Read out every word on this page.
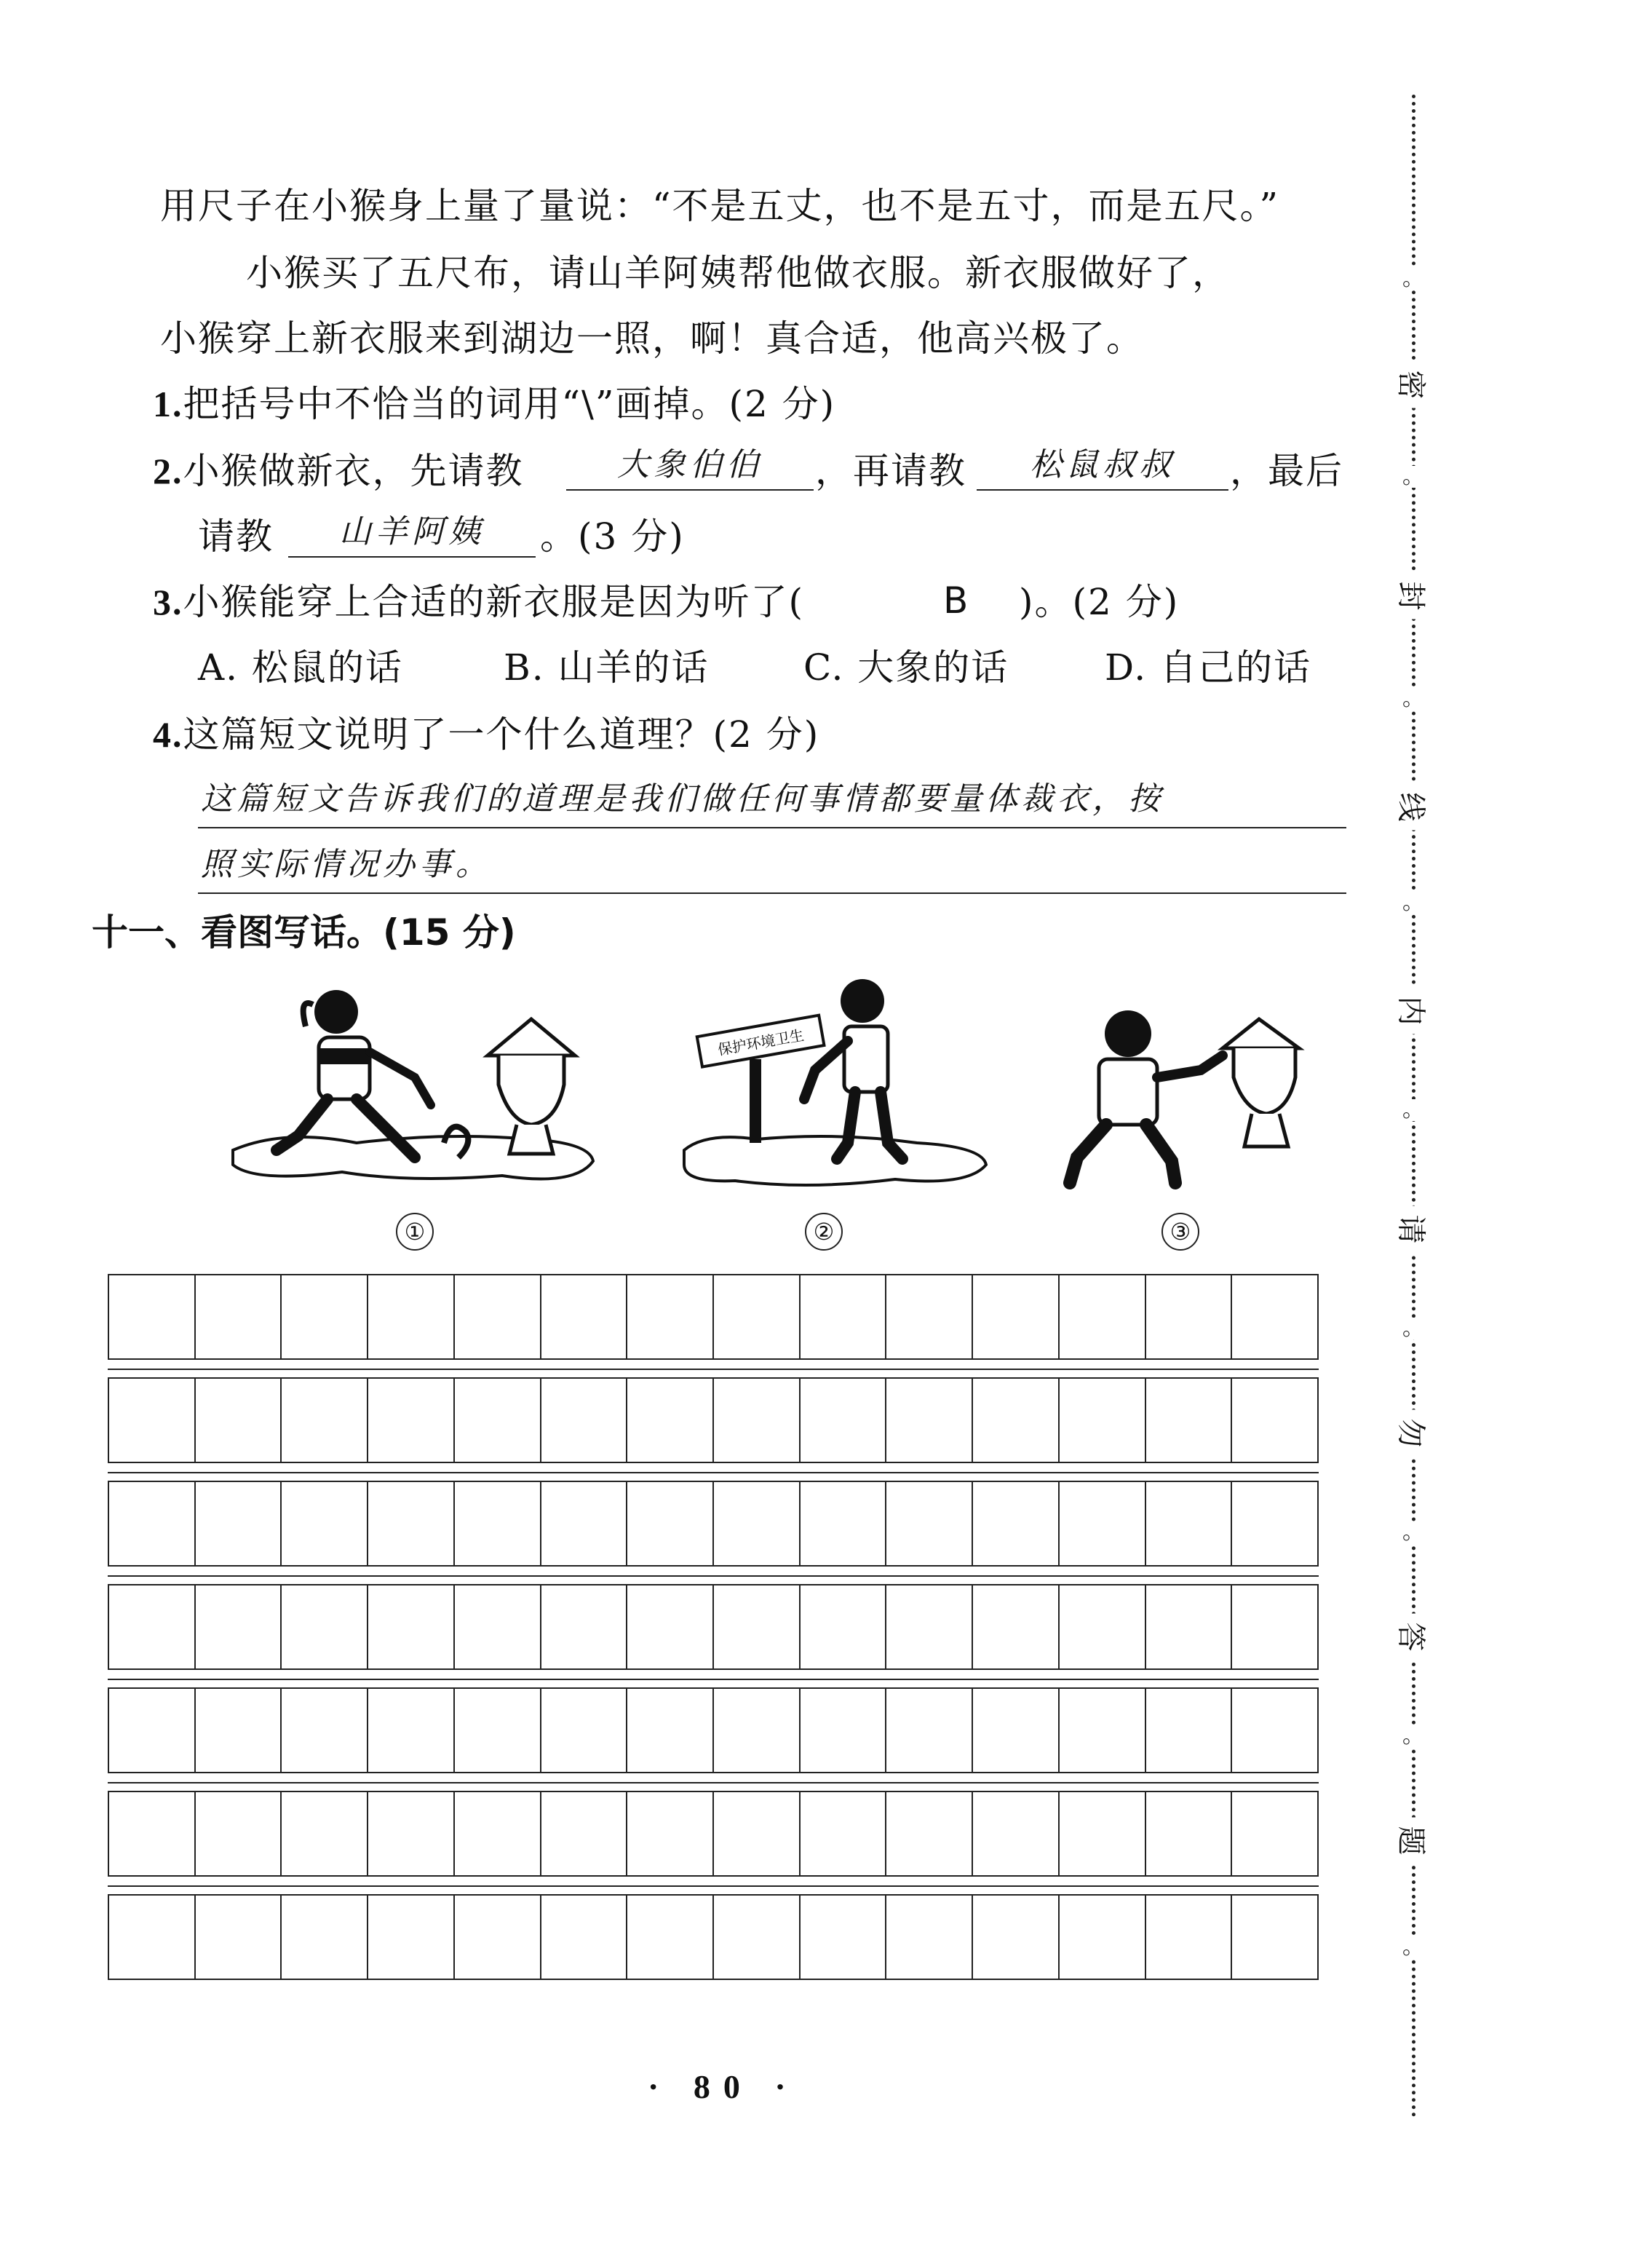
用尺子在小猴身上量了量说：“不是五丈，也不是五寸，而是五尺。”
小猴买了五尺布，请山羊阿姨帮他做衣服。新衣服做好了，
小猴穿上新衣服来到湖边一照，啊！真合适，他高兴极了。
1.把括号中不恰当的词用“\”画掉。(2 分)
2.小猴做新衣，先请教	大象伯伯 ，再请教 松鼠叔叔 ，最后
请教 山羊阿姨 。(3 分)
3.小猴能穿上合适的新衣服是因为听了(	B )。(2 分)
A. 松鼠的话	B. 山羊的话	C. 大象的话	D. 自己的话
4.这篇短文说明了一个什么道理？(2 分)
这篇短文告诉我们的道理是我们做任何事情都要量体裁衣，按
照实际情况办事。
十一、看图写话。(15 分)
保护环境卫生
①	②	③
。
。
。
。
。
。
。
。
。
密
封
线
内
请
勿
答
题
· 80 ·
